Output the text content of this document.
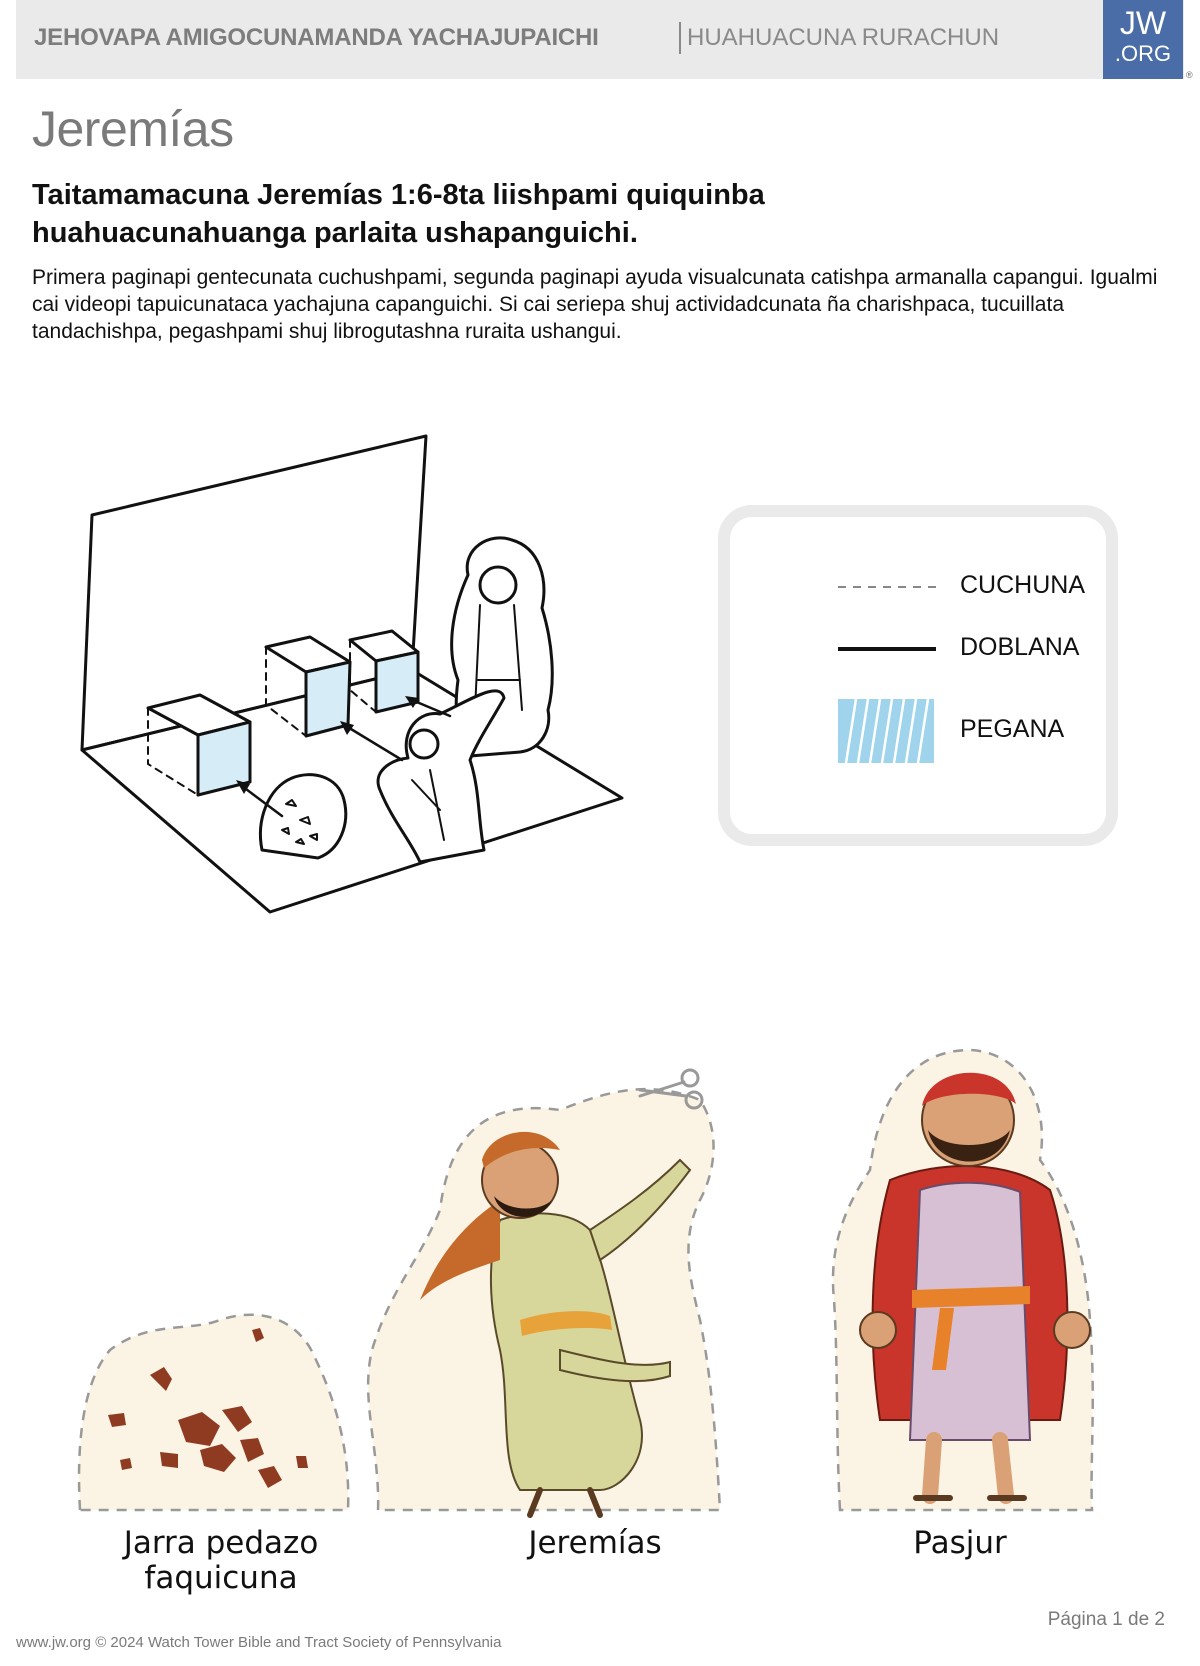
JEHOVAPA AMIGOCUNAMANDA YACHAJUPAICHI	HUAHUACUNA RURACHUN	JW
.ORG
®
Jeremías
Taitamamacuna Jeremías 1:6-8ta liishpami quiquinba huahuacunahuanga parlaita ushapanguichi.
Primera paginapi gentecunata cuchushpami, segunda paginapi ayuda visualcunata catishpa armanalla capangui. Igualmi cai videopi tapuicunataca yachajuna capanguichi. Si cai seriepa shuj actividadcunata ña charishpaca, tucuillata tandachishpa, pegashpami shuj librogutashna ruraita ushangui.
CUCHUNA
DOBLANA
PEGANA
Jarra pedazo faquicuna
Jeremías	Pasjur
Página 1 de 2
www.jw.org © 2024 Watch Tower Bible and Tract Society of Pennsylvania
